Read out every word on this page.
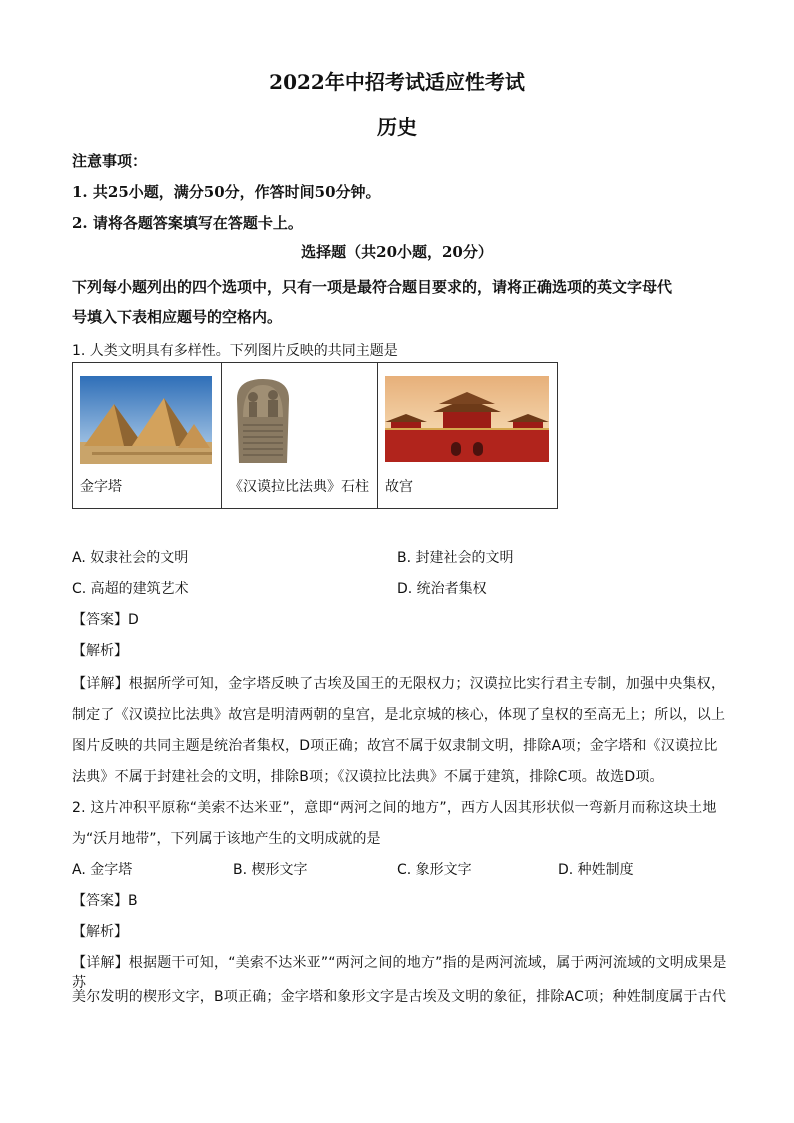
2022年中招考试适应性考试
历史
注意事项：
1. 共25小题，满分50分，作答时间50分钟。
2. 请将各题答案填写在答题卡上。
选择题（共20小题，20分）
下列每小题列出的四个选项中，只有一项是最符合题目要求的，请将正确选项的英文字母代
号填入下表相应题号的空格内。
1. 人类文明具有多样性。下列图片反映的共同主题是
金字塔	《汉谟拉比法典》石柱	故宫
A. 奴隶社会的文明	B. 封建社会的文明
C. 高超的建筑艺术	D. 统治者集权
【答案】D
【解析】
【详解】根据所学可知，金字塔反映了古埃及国王的无限权力；汉谟拉比实行君主专制，加强中央集权，
制定了《汉谟拉比法典》故宫是明清两朝的皇宫，是北京城的核心，体现了皇权的至高无上；所以，以上
图片反映的共同主题是统治者集权，D项正确；故宫不属于奴隶制文明，排除A项；金字塔和《汉谟拉比
法典》不属于封建社会的文明，排除B项；《汉谟拉比法典》不属于建筑，排除C项。故选D项。
2. 这片冲积平原称“美索不达米亚”，意即“两河之间的地方”，西方人因其形状似一弯新月而称这块土地
为“沃月地带”，下列属于该地产生的文明成就的是
A. 金字塔	B. 楔形文字	C. 象形文字	D. 种姓制度
【答案】B
【解析】
【详解】根据题干可知，“美索不达米亚”“两河之间的地方”指的是两河流域，属于两河流域的文明成果是苏
美尔发明的楔形文字，B项正确；金字塔和象形文字是古埃及文明的象征，排除AC项；种姓制度属于古代
